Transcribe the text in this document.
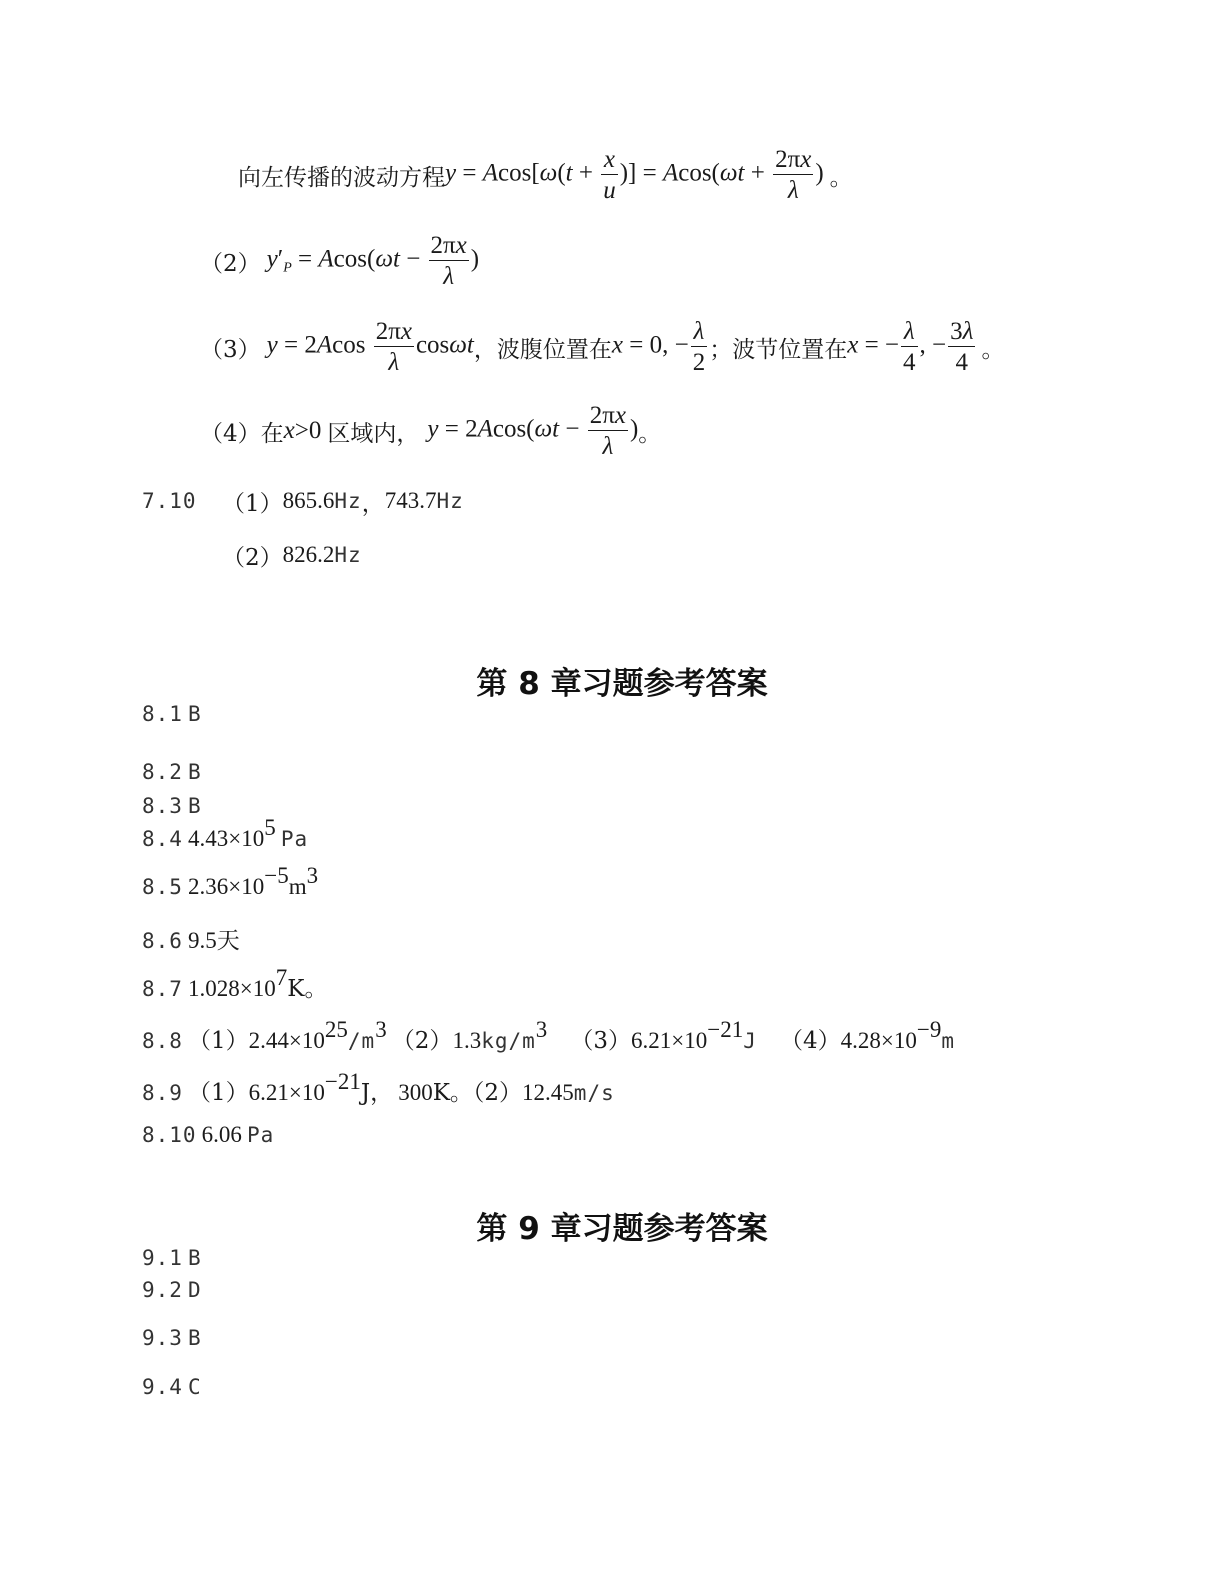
向左传播的波动方程 $y = Acos[\omega(t + \frac{x}{u}$ )] = $Acos(\omega t + \frac{2\pi x}{\lambda}$ ) 。
（2） $y'_P = Acos(\omega t - \frac{2\pi x}{\lambda}$ )
（3） $y = 2Acos \frac{2\pi x}{\lambda}$ cosωt ， 波腹位置在 x = 0, − $\frac{\lambda}{2}$ ； 波节位置在 x = − $\frac{\lambda}{4}$ , − $\frac{3\lambda}{4}$ 。
（4） 在 x >0 区域内， $y = 2Acos(\omega t - \frac{2\pi x}{\lambda}$ ) 。
7.10	（1） 865.6 Hz ， 743.7 Hz
（2） 826.2 Hz
第 8 章习题参考答案
8.1 B
8.2 B
8.3 B
8.4 $4.43\times 10^5$ Pa
8.5 $2.36\times 10^{-5}m^3$
8.6 9.5天
8.7 $1.028\times 10^7K$。
8.8 $(1)2.44\times 10^{25}/m^3$ $(2)1.3kg/m^3$ $(3)6.21\times 10^{-21}J$ $(4)4.28\times 10^{-9}m$
8.9 $(1)6.21\times 10^{-21}J$， 300K。（2）12.45m/s
8.10 6.06 Pa
第 9 章习题参考答案
9.1 B
9.2 D
9.3 B
9.4 C
